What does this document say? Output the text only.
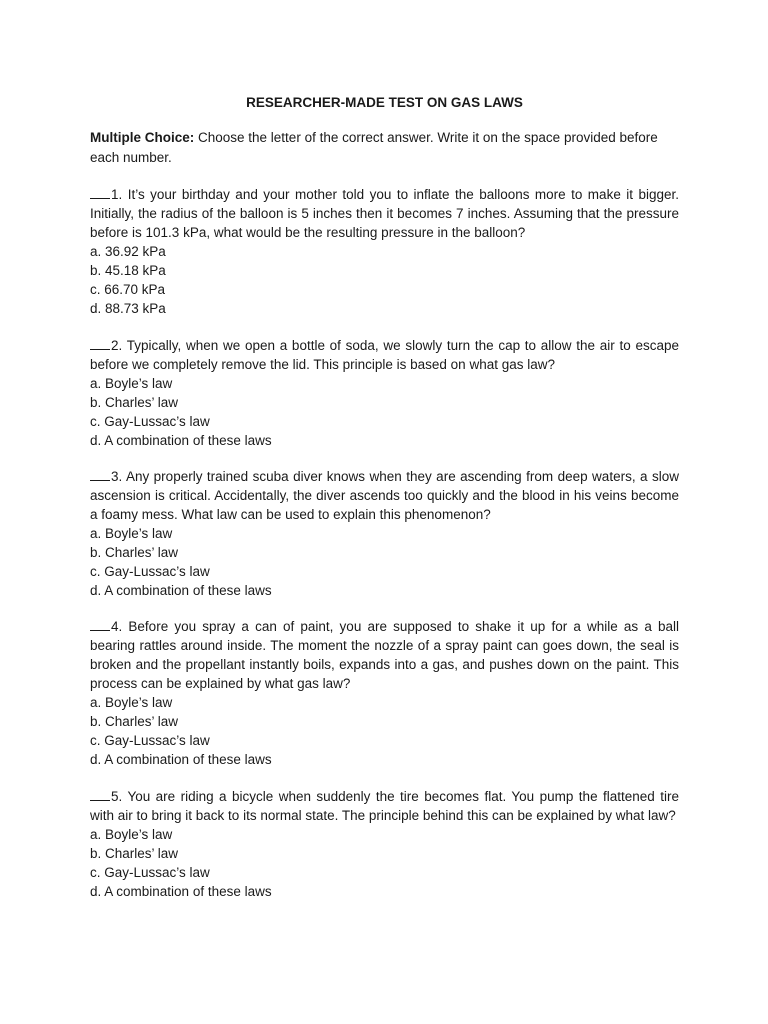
RESEARCHER-MADE TEST ON GAS LAWS
Multiple Choice: Choose the letter of the correct answer. Write it on the space provided before each number.

1. It’s your birthday and your mother told you to inflate the balloons more to make it bigger. Initially, the radius of the balloon is 5 inches then it becomes 7 inches. Assuming that the pressure before is 101.3 kPa, what would be the resulting pressure in the balloon?

a. 36.92 kPa
b. 45.18 kPa
c. 66.70 kPa
d. 88.73 kPa

2. Typically, when we open a bottle of soda, we slowly turn the cap to allow the air to escape before we completely remove the lid. This principle is based on what gas law?

a. Boyle’s law
b. Charles’ law
c. Gay-Lussac’s law
d. A combination of these laws

3. Any properly trained scuba diver knows when they are ascending from deep waters, a slow ascension is critical. Accidentally, the diver ascends too quickly and the blood in his veins become a foamy mess. What law can be used to explain this phenomenon?

a. Boyle’s law
b. Charles’ law
c. Gay-Lussac’s law
d. A combination of these laws

4. Before you spray a can of paint, you are supposed to shake it up for a while as a ball bearing rattles around inside. The moment the nozzle of a spray paint can goes down, the seal is broken and the propellant instantly boils, expands into a gas, and pushes down on the paint. This process can be explained by what gas law?

a. Boyle’s law
b. Charles’ law
c. Gay-Lussac’s law
d. A combination of these laws

5. You are riding a bicycle when suddenly the tire becomes flat. You pump the flattened tire with air to bring it back to its normal state. The principle behind this can be explained by what law?

a. Boyle’s law
b. Charles’ law
c. Gay-Lussac’s law
d. A combination of these laws
